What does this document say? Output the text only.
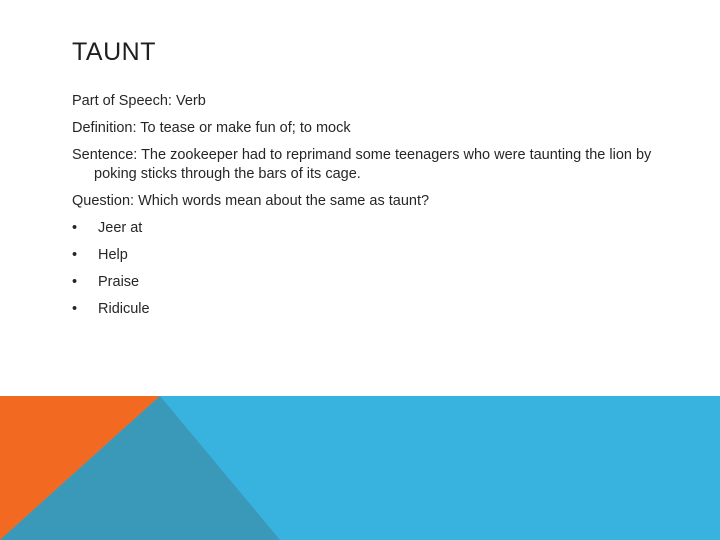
TAUNT

Part of Speech: Verb

Definition: To tease or make fun of; to mock

Sentence: The zookeeper had to reprimand some teenagers who were taunting the lion by poking sticks through the bars of its cage.

Question: Which words mean about the same as taunt?

• Jeer at
• Help
• Praise
• Ridicule
